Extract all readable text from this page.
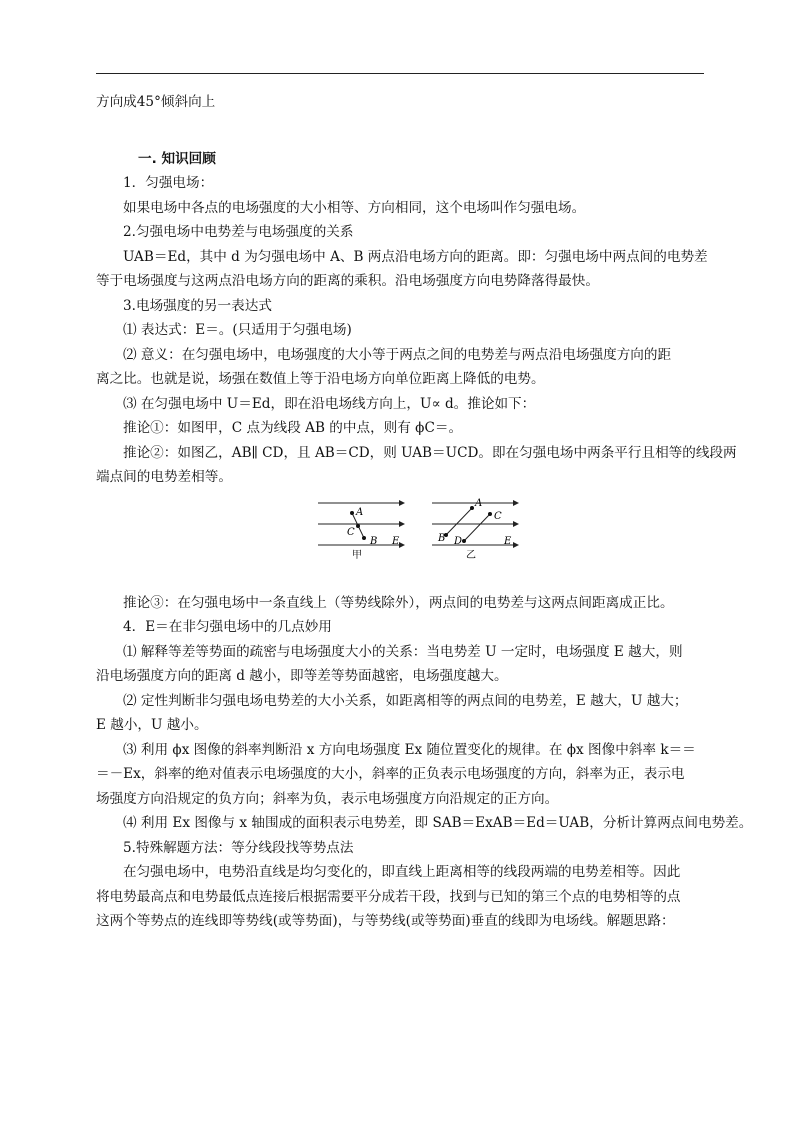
方向成45°倾斜向上

一. 知识回顾

1．匀强电场：

如果电场中各点的电场强度的大小相等、方向相同，这个电场叫作匀强电场。

2.匀强电场中电势差与电场强度的关系

UAB＝Ed，其中 d 为匀强电场中 A、B 两点沿电场方向的距离。即：匀强电场中两点间的电势差

等于电场强度与这两点沿电场方向的距离的乘积。沿电场强度方向电势降落得最快。

3.电场强度的另一表达式

⑴ 表达式：E＝。(只适用于匀强电场)

⑵ 意义：在匀强电场中，电场强度的大小等于两点之间的电势差与两点沿电场强度方向的距

离之比。也就是说，场强在数值上等于沿电场方向单位距离上降低的电势。

⑶ 在匀强电场中 U＝Ed，即在沿电场线方向上，U∝ d。推论如下：

推论①：如图甲，C 点为线段 AB 的中点，则有 ϕC＝。

推论②：如图乙，AB∥ CD，且 AB＝CD，则 UAB＝UCD。即在匀强电场中两条平行且相等的线段两

端点间的电势差相等。

A
C
B E
甲
A
B
C
D	E
乙

推论③：在匀强电场中一条直线上（等势线除外），两点间的电势差与这两点间距离成正比。

4．E＝在非匀强电场中的几点妙用

⑴ 解释等差等势面的疏密与电场强度大小的关系：当电势差 U 一定时，电场强度 E 越大，则

沿电场强度方向的距离 d 越小，即等差等势面越密，电场强度越大。

⑵ 定性判断非匀强电场电势差的大小关系，如距离相等的两点间的电势差，E 越大，U 越大；

E 越小，U 越小。

⑶ 利用 ϕx 图像的斜率判断沿 x 方向电场强度 Ex 随位置变化的规律。在 ϕx 图像中斜率 k＝＝

＝－Ex，斜率的绝对值表示电场强度的大小，斜率的正负表示电场强度的方向，斜率为正，表示电

场强度方向沿规定的负方向；斜率为负，表示电场强度方向沿规定的正方向。

⑷ 利用 Ex 图像与 x 轴围成的面积表示电势差，即 SAB＝ExAB＝Ed＝UAB，分析计算两点间电势差。

5.特殊解题方法：等分线段找等势点法

在匀强电场中，电势沿直线是均匀变化的，即直线上距离相等的线段两端的电势差相等。因此

将电势最高点和电势最低点连接后根据需要平分成若干段，找到与已知的第三个点的电势相等的点

这两个等势点的连线即等势线(或等势面)，与等势线(或等势面)垂直的线即为电场线。解题思路：
